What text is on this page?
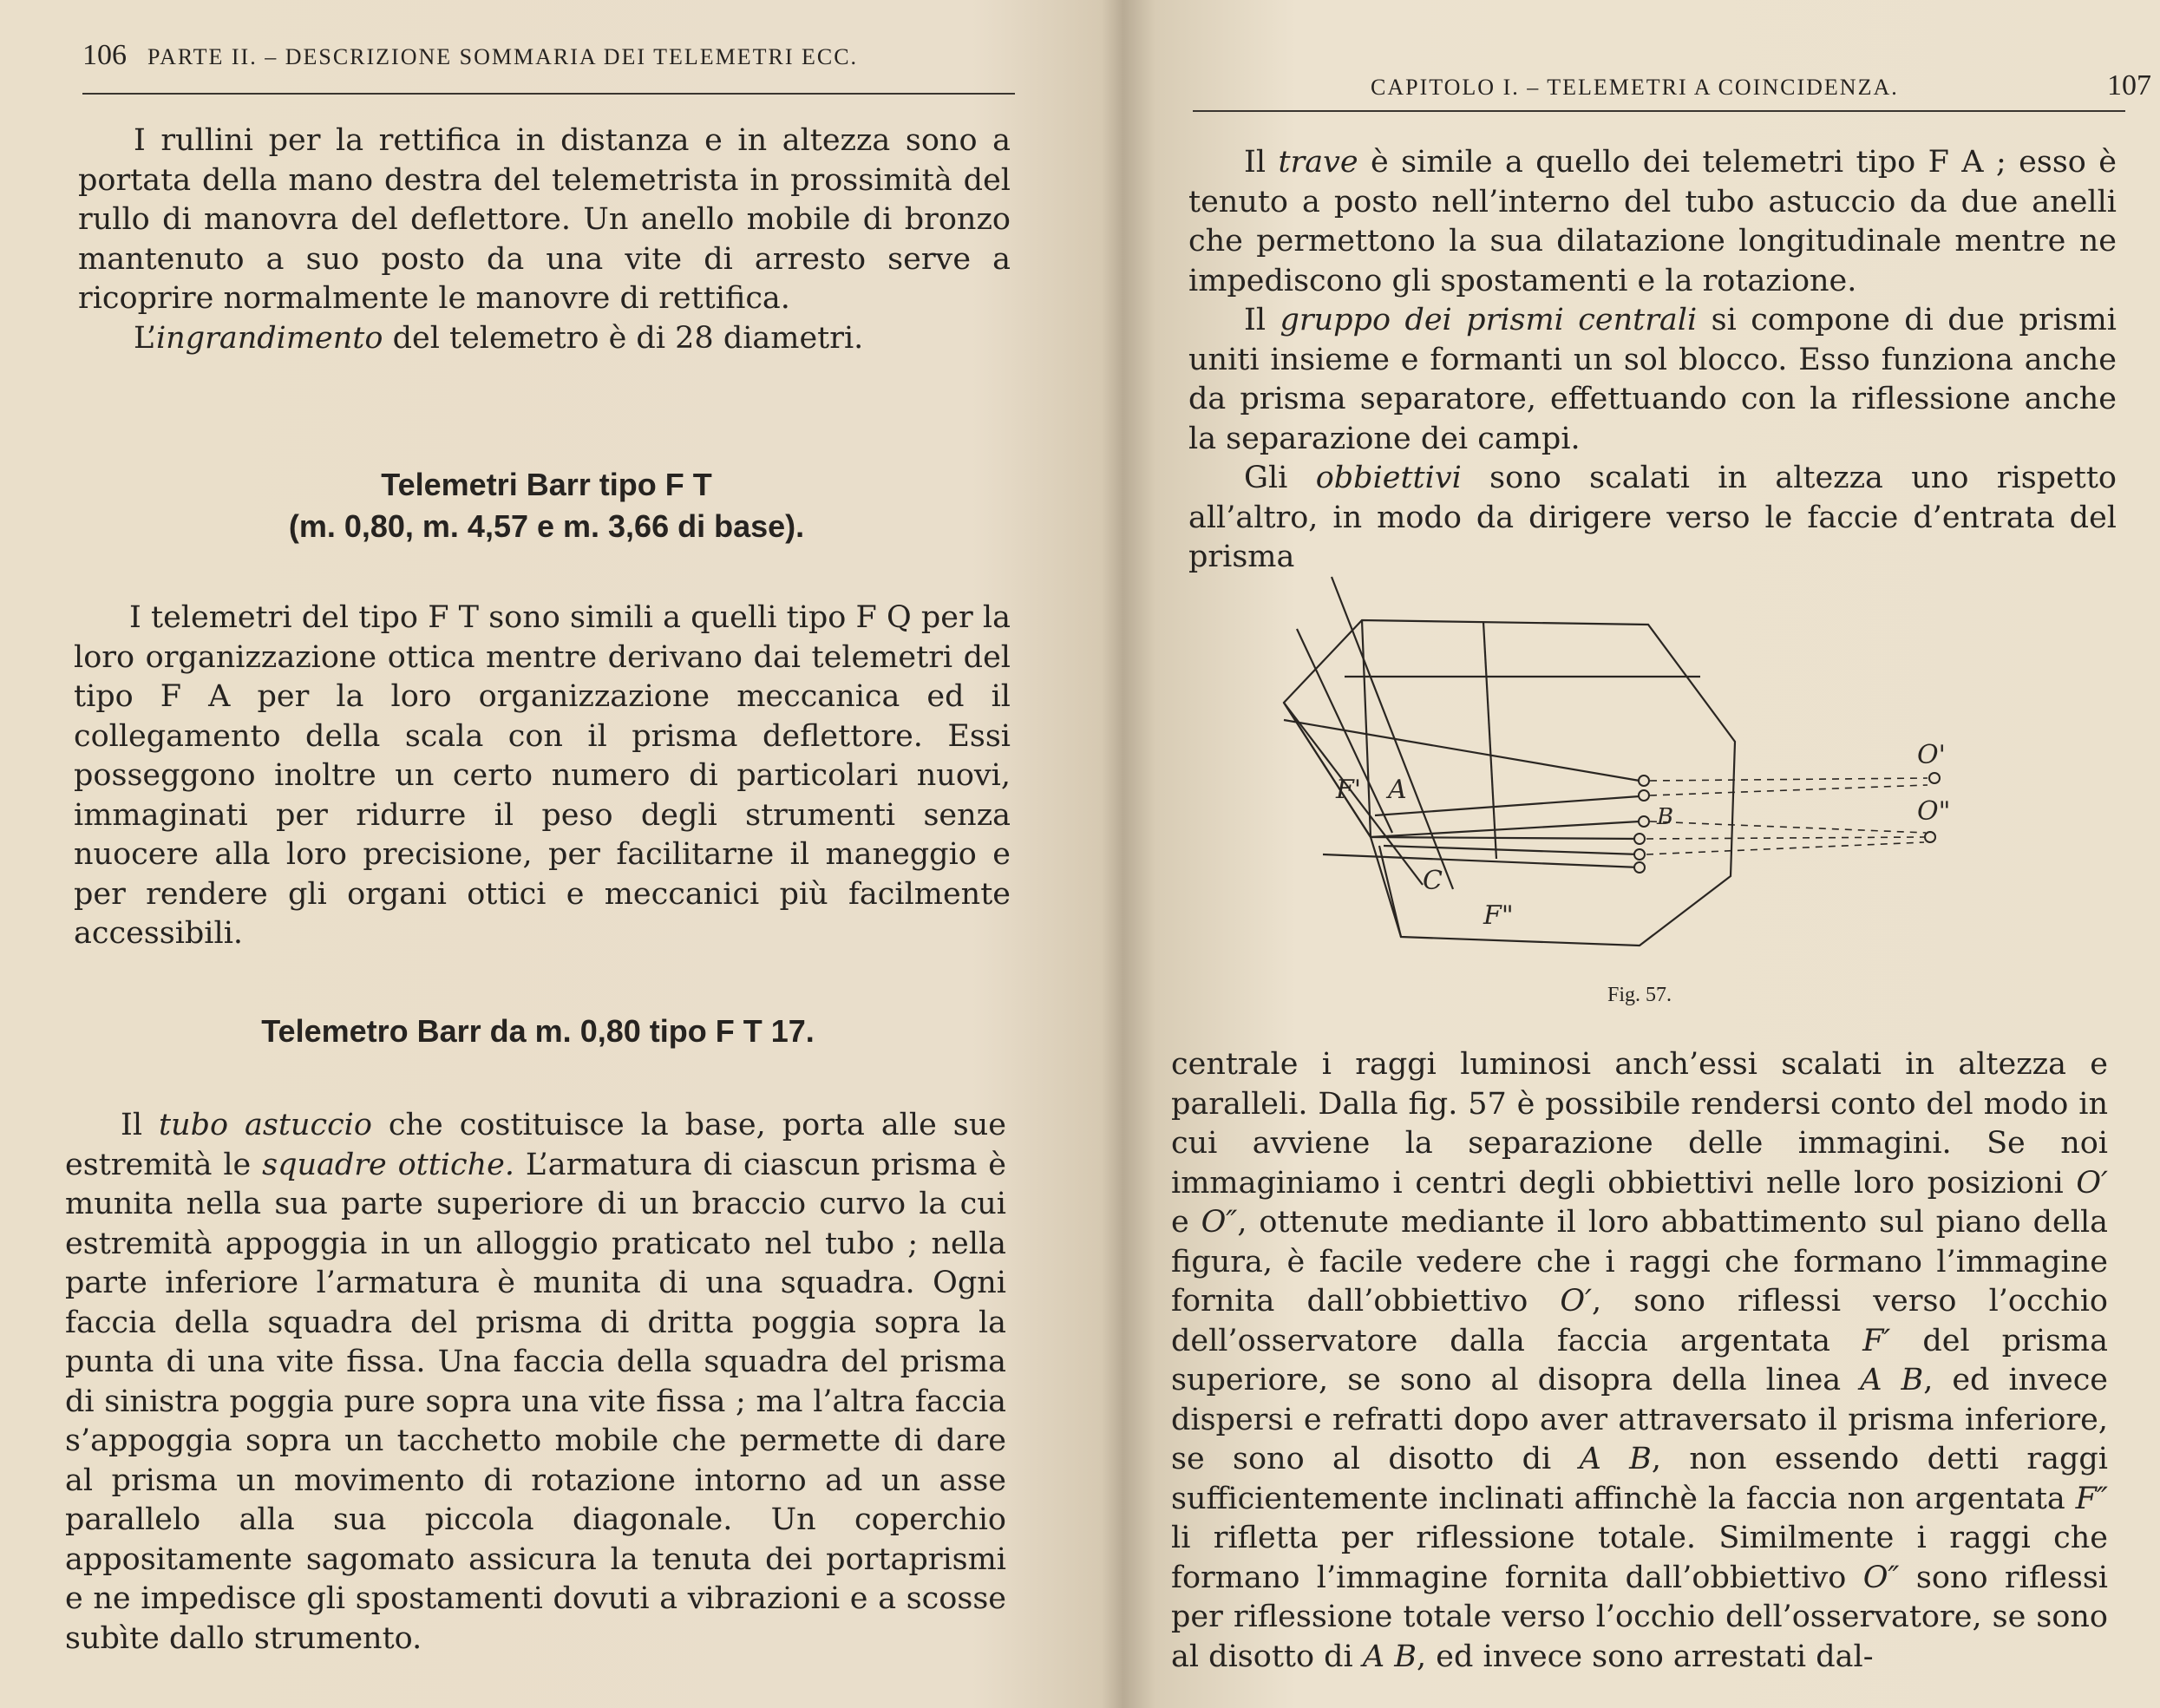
106 PARTE II. – DESCRIZIONE SOMMARIA DEI TELEMETRI ECC.

I rullini per la rettifica in distanza e in altezza sono a portata della mano destra del telemetrista in prossimità del rullo di manovra del deflettore. Un anello mobile di bronzo mantenuto a suo posto da una vite di arresto serve a ricoprire normalmente le manovre di rettifica.

L’ingrandimento del telemetro è di 28 diametri.

Telemetri Barr tipo F T
(m. 0,80, m. 4,57 e m. 3,66 di base).

I telemetri del tipo F T sono simili a quelli tipo F Q per la loro organizzazione ottica mentre derivano dai telemetri del tipo F A per la loro organizzazione meccanica ed il collegamento della scala con il prisma deflettore. Essi posseggono inoltre un certo numero di particolari nuovi, immaginati per ridurre il peso degli strumenti senza nuocere alla loro precisione, per facilitarne il maneggio e per rendere gli organi ottici e meccanici più facilmente accessibili.

Telemetro Barr da m. 0,80 tipo F T 17.

Il tubo astuccio che costituisce la base, porta alle sue estremità le squadre ottiche. L’armatura di ciascun prisma è munita nella sua parte superiore di un braccio curvo la cui estremità appoggia in un alloggio praticato nel tubo ; nella parte inferiore l’armatura è munita di una squadra. Ogni faccia della squadra del prisma di dritta poggia sopra la punta di una vite fissa. Una faccia della squadra del prisma di sinistra poggia pure sopra una vite fissa ; ma l’altra faccia s’appoggia sopra un tacchetto mobile che permette di dare al prisma un movimento di rotazione intorno ad un asse parallelo alla sua piccola diagonale. Un coperchio appositamente sagomato assicura la tenuta dei portaprismi e ne impedisce gli spostamenti dovuti a vibrazioni e a scosse subìte dallo strumento.

CAPITOLO I. – TELEMETRI A COINCIDENZA.	107

Il trave è simile a quello dei telemetri tipo F A ; esso è tenuto a posto nell’interno del tubo astuccio da due anelli che permettono la sua dilatazione longitudinale mentre ne impediscono gli spostamenti e la rotazione.

Il gruppo dei prismi centrali si compone di due prismi uniti insieme e formanti un sol blocco. Esso funziona anche da prisma separatore, effettuando con la riflessione anche la separazione dei campi.

Gli obbiettivi sono scalati in altezza uno rispetto all’altro, in modo da dirigere verso le faccie d’entrata del prisma

F' A
C
F"
B
O'
O"
Fig. 57.

centrale i raggi luminosi anch’essi scalati in altezza e paralleli. Dalla fig. 57 è possibile rendersi conto del modo in cui avviene la separazione delle immagini. Se noi immaginiamo i centri degli obbiettivi nelle loro posizioni O′ e O″, ottenute mediante il loro abbattimento sul piano della figura, è facile vedere che i raggi che formano l’immagine fornita dall’obbiettivo O′, sono riflessi verso l’occhio dell’osservatore dalla faccia argentata F′ del prisma superiore, se sono al disopra della linea A B, ed invece dispersi e refratti dopo aver attraversato il prisma inferiore, se sono al disotto di A B, non essendo detti raggi sufficientemente inclinati affinchè la faccia non argentata F″ li rifletta per riflessione totale. Similmente i raggi che formano l’immagine fornita dall’obbiettivo O″ sono riflessi per riflessione totale verso l’occhio dell’osservatore, se sono al disotto di A B, ed invece sono arrestati dal-
